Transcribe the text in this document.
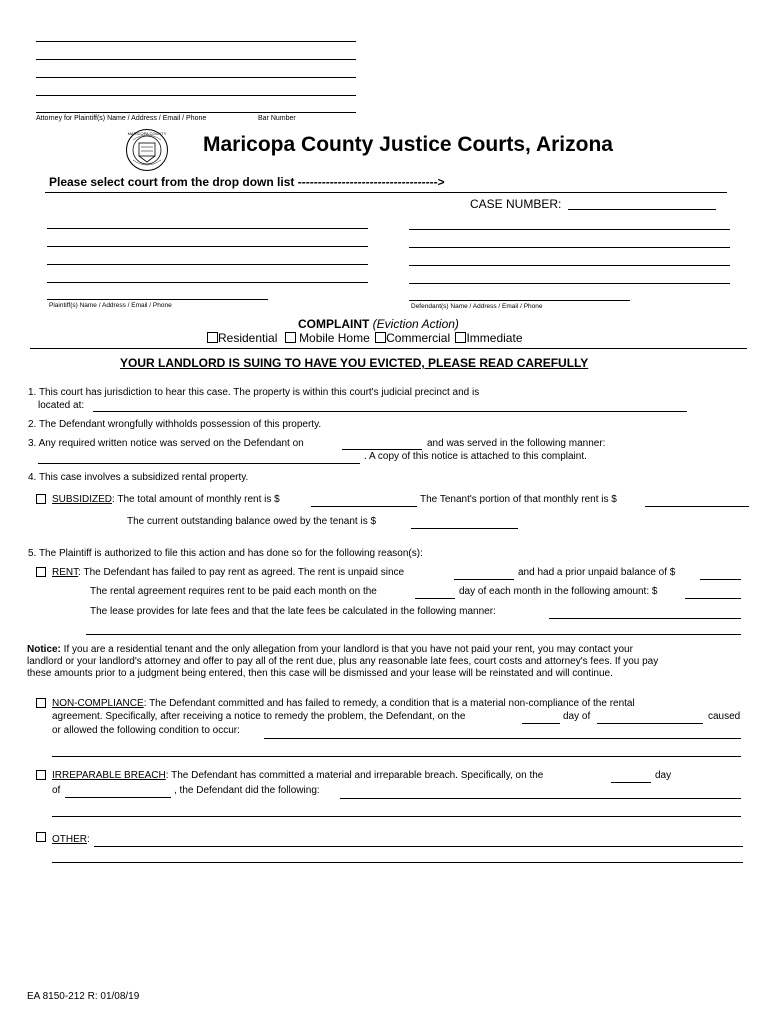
Attorney for Plaintiff(s) Name / Address / Email / Phone	Bar Number
MARICOPA COUNTY Maricopa County Justice Courts, Arizona
Please select court from the drop down list ----------------------------------->
CASE NUMBER:
Plaintiff(s) Name / Address / Email / Phone	Defendant(s) Name / Address / Email / Phone
COMPLAINT (Eviction Action)
Residential Mobile Home Commercial Immediate
YOUR LANDLORD IS SUING TO HAVE YOU EVICTED, PLEASE READ CAREFULLY
1. This court has jurisdiction to hear this case. The property is within this court's judicial precinct and is
located at:
2. The Defendant wrongfully withholds possession of this property.
3. Any required written notice was served on the Defendant on	and was served in the following manner:
. A copy of this notice is attached to this complaint.
4. This case involves a subsidized rental property.
SUBSIDIZED: The total amount of monthly rent is $	The Tenant's portion of that monthly rent is $
The current outstanding balance owed by the tenant is $
5. The Plaintiff is authorized to file this action and has done so for the following reason(s):
RENT: The Defendant has failed to pay rent as agreed. The rent is unpaid since	and had a prior unpaid balance of $
The rental agreement requires rent to be paid each month on the	day of each month in the following amount: $
The lease provides for late fees and that the late fees be calculated in the following manner:
Notice: If you are a residential tenant and the only allegation from your landlord is that you have not paid your rent, you may contact your
landlord or your landlord's attorney and offer to pay all of the rent due, plus any reasonable late fees, court costs and attorney's fees. If you pay
these amounts prior to a judgment being entered, then this case will be dismissed and your lease will be reinstated and will continue.
NON-COMPLIANCE: The Defendant committed and has failed to remedy, a condition that is a material non-compliance of the rental
agreement. Specifically, after receiving a notice to remedy the problem, the Defendant, on the	day of	caused
or allowed the following condition to occur:
IRREPARABLE BREACH: The Defendant has committed a material and irreparable breach. Specifically, on the	day
of	, the Defendant did the following:
OTHER:
EA 8150-212 R: 01/08/19
